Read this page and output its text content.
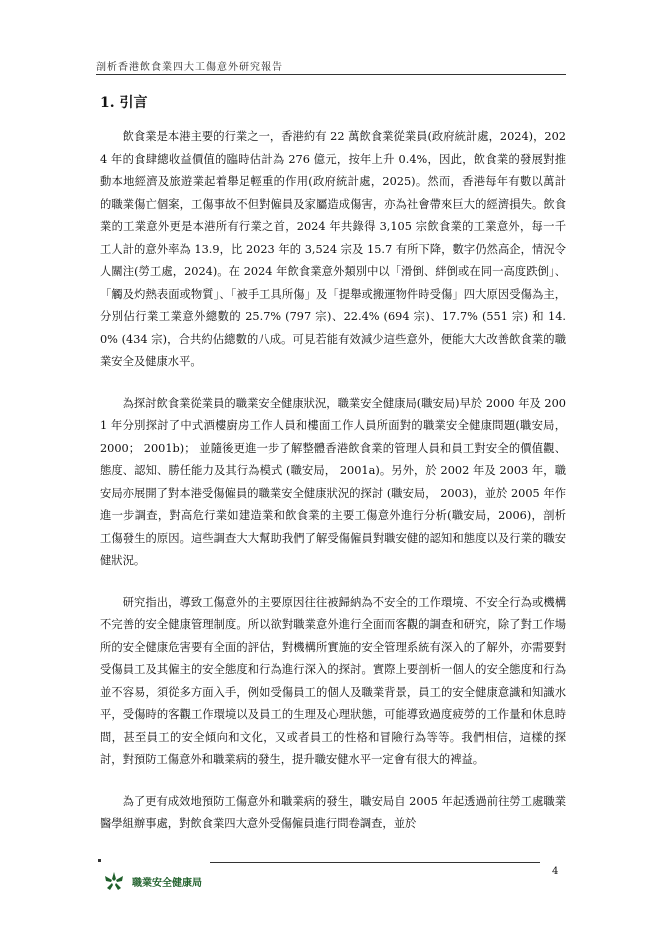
剖析香港飲食業四大工傷意外研究報告
1. 引言

飲食業是本港主要的行業之一，香港約有 22 萬飲食業從業員(政府統計處，2024)，2024 年的食肆總收益價值的臨時估計為 276 億元，按年上升 0.4%，因此，飲食業的發展對推動本地經濟及旅遊業起着舉足輕重的作用(政府統計處，2025)。然而，香港每年有數以萬計的職業傷亡個案，工傷事故不但對僱員及家屬造成傷害，亦為社會帶來巨大的經濟損失。飲食業的工業意外更是本港所有行業之首，2024 年共錄得 3,105 宗飲食業的工業意外，每一千工人計的意外率為 13.9，比 2023 年的 3,524 宗及 15.7 有所下降，數字仍然高企，情況令人關注(勞工處，2024)。在 2024 年飲食業意外類別中以「滑倒、絆倒或在同一高度跌倒」、「觸及灼熱表面或物質」、「被手工具所傷」及「提舉或搬運物件時受傷」四大原因受傷為主，分別佔行業工業意外總數的 25.7% (797 宗)、22.4% (694 宗)、17.7% (551 宗) 和 14.0% (434 宗)，合共約佔總數的八成。可見若能有效減少這些意外，便能大大改善飲食業的職業安全及健康水平。

為探討飲食業從業員的職業安全健康狀況，職業安全健康局(職安局)早於 2000 年及 2001 年分別探討了中式酒樓廚房工作人員和樓面工作人員所面對的職業安全健康問題(職安局， 2000； 2001b)； 並隨後更進一步了解整體香港飲食業的管理人員和員工對安全的價值觀、態度、認知、勝任能力及其行為模式 (職安局， 2001a)。另外，於 2002 年及 2003 年，職安局亦展開了對本港受傷僱員的職業安全健康狀況的探討 (職安局， 2003)，並於 2005 年作進一步調查，對高危行業如建造業和飲食業的主要工傷意外進行分析(職安局，2006)，剖析工傷發生的原因。這些調查大大幫助我們了解受傷僱員對職安健的認知和態度以及行業的職安健狀況。

研究指出，導致工傷意外的主要原因往往被歸納為不安全的工作環境、不安全行為或機構不完善的安全健康管理制度。所以欲對職業意外進行全面而客觀的調查和研究，除了對工作場所的安全健康危害要有全面的評估，對機構所實施的安全管理系統有深入的了解外，亦需要對受傷員工及其僱主的安全態度和行為進行深入的探討。實際上要剖析一個人的安全態度和行為並不容易，須從多方面入手，例如受傷員工的個人及職業背景，員工的安全健康意識和知識水平，受傷時的客觀工作環境以及員工的生理及心理狀態，可能導致過度疲勞的工作量和休息時間，甚至員工的安全傾向和文化，又或者員工的性格和冒險行為等等。我們相信，這樣的探討，對預防工傷意外和職業病的發生，提升職安健水平一定會有很大的裨益。

為了更有成效地預防工傷意外和職業病的發生，職安局自 2005 年起透過前往勞工處職業醫學組辦事處，對飲食業四大意外受傷僱員進行問卷調查，並於

4
職業安全健康局
